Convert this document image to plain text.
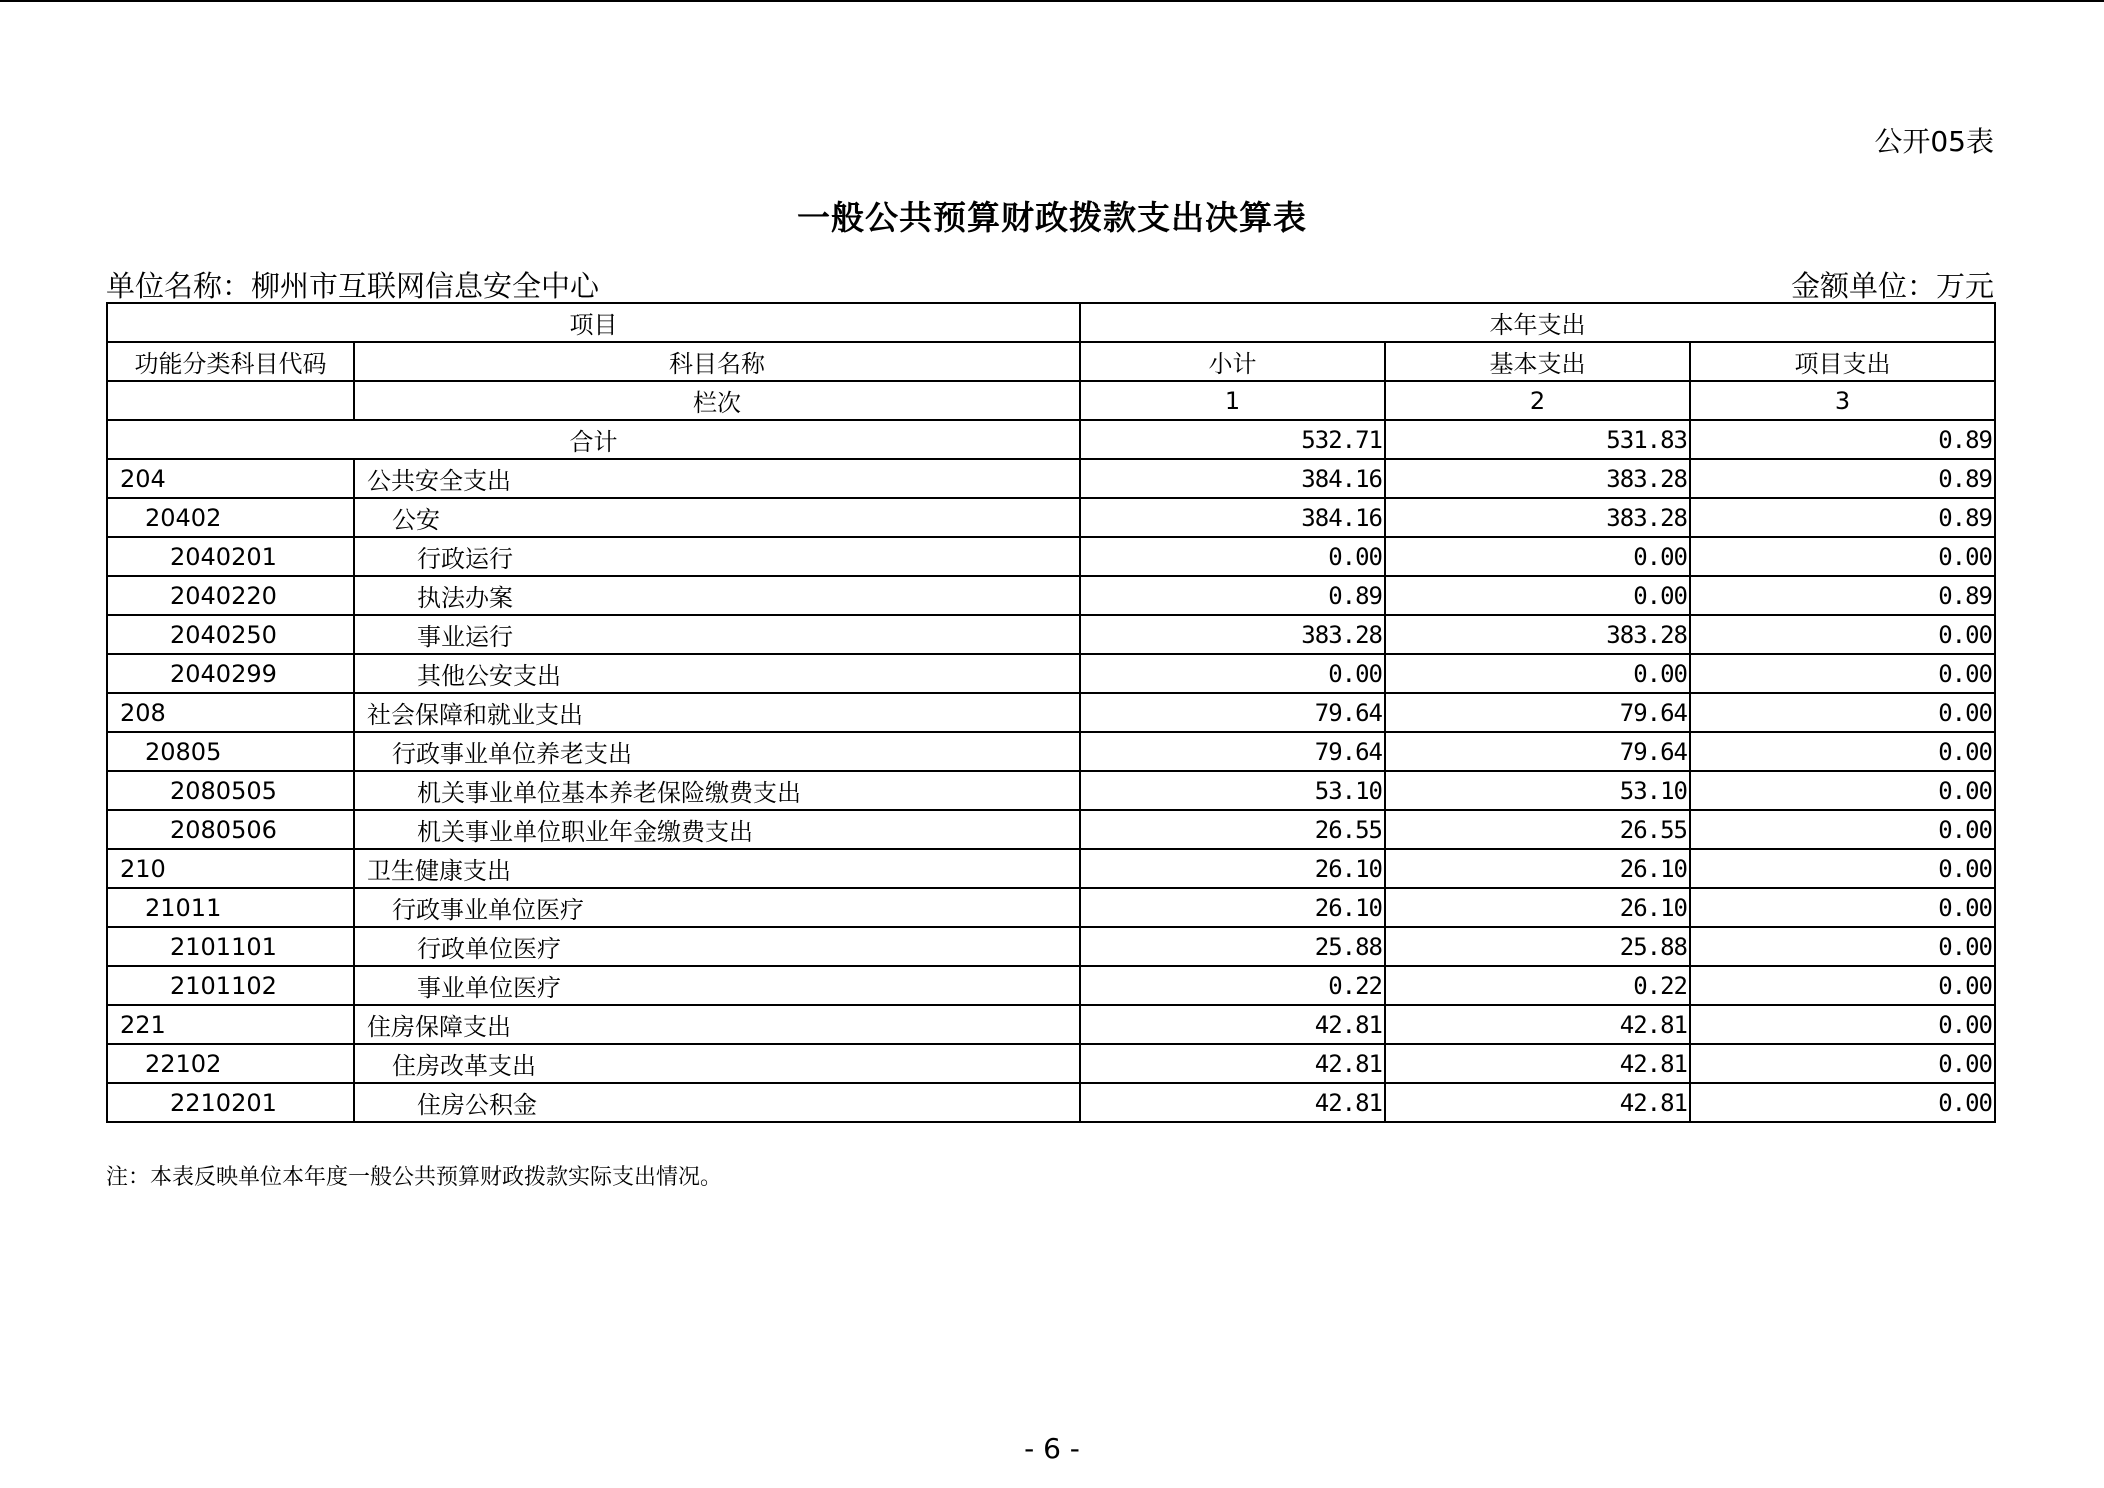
公开05表
一般公共预算财政拨款支出决算表
单位名称：柳州市互联网信息安全中心	金额单位：万元
项目		本年支出		
功能分类科目代码	科目名称	小计	基本支出	项目支出
	栏次	1	2	3
合计		532.71	531.83	0.89
204	公共安全支出	384.16	383.28	0.89
20402	公安	384.16	383.28	0.89
2040201	行政运行	0.00	0.00	0.00
2040220	执法办案	0.89	0.00	0.89
2040250	事业运行	383.28	383.28	0.00
2040299	其他公安支出	0.00	0.00	0.00
208	社会保障和就业支出	79.64	79.64	0.00
20805	行政事业单位养老支出	79.64	79.64	0.00
2080505	机关事业单位基本养老保险缴费支出	53.10	53.10	0.00
2080506	机关事业单位职业年金缴费支出	26.55	26.55	0.00
210	卫生健康支出	26.10	26.10	0.00
21011	行政事业单位医疗	26.10	26.10	0.00
2101101	行政单位医疗	25.88	25.88	0.00
2101102	事业单位医疗	0.22	0.22	0.00
221	住房保障支出	42.81	42.81	0.00
22102	住房改革支出	42.81	42.81	0.00
2210201	住房公积金	42.81	42.81	0.00
注：本表反映单位本年度一般公共预算财政拨款实际支出情况。
- 6 -
